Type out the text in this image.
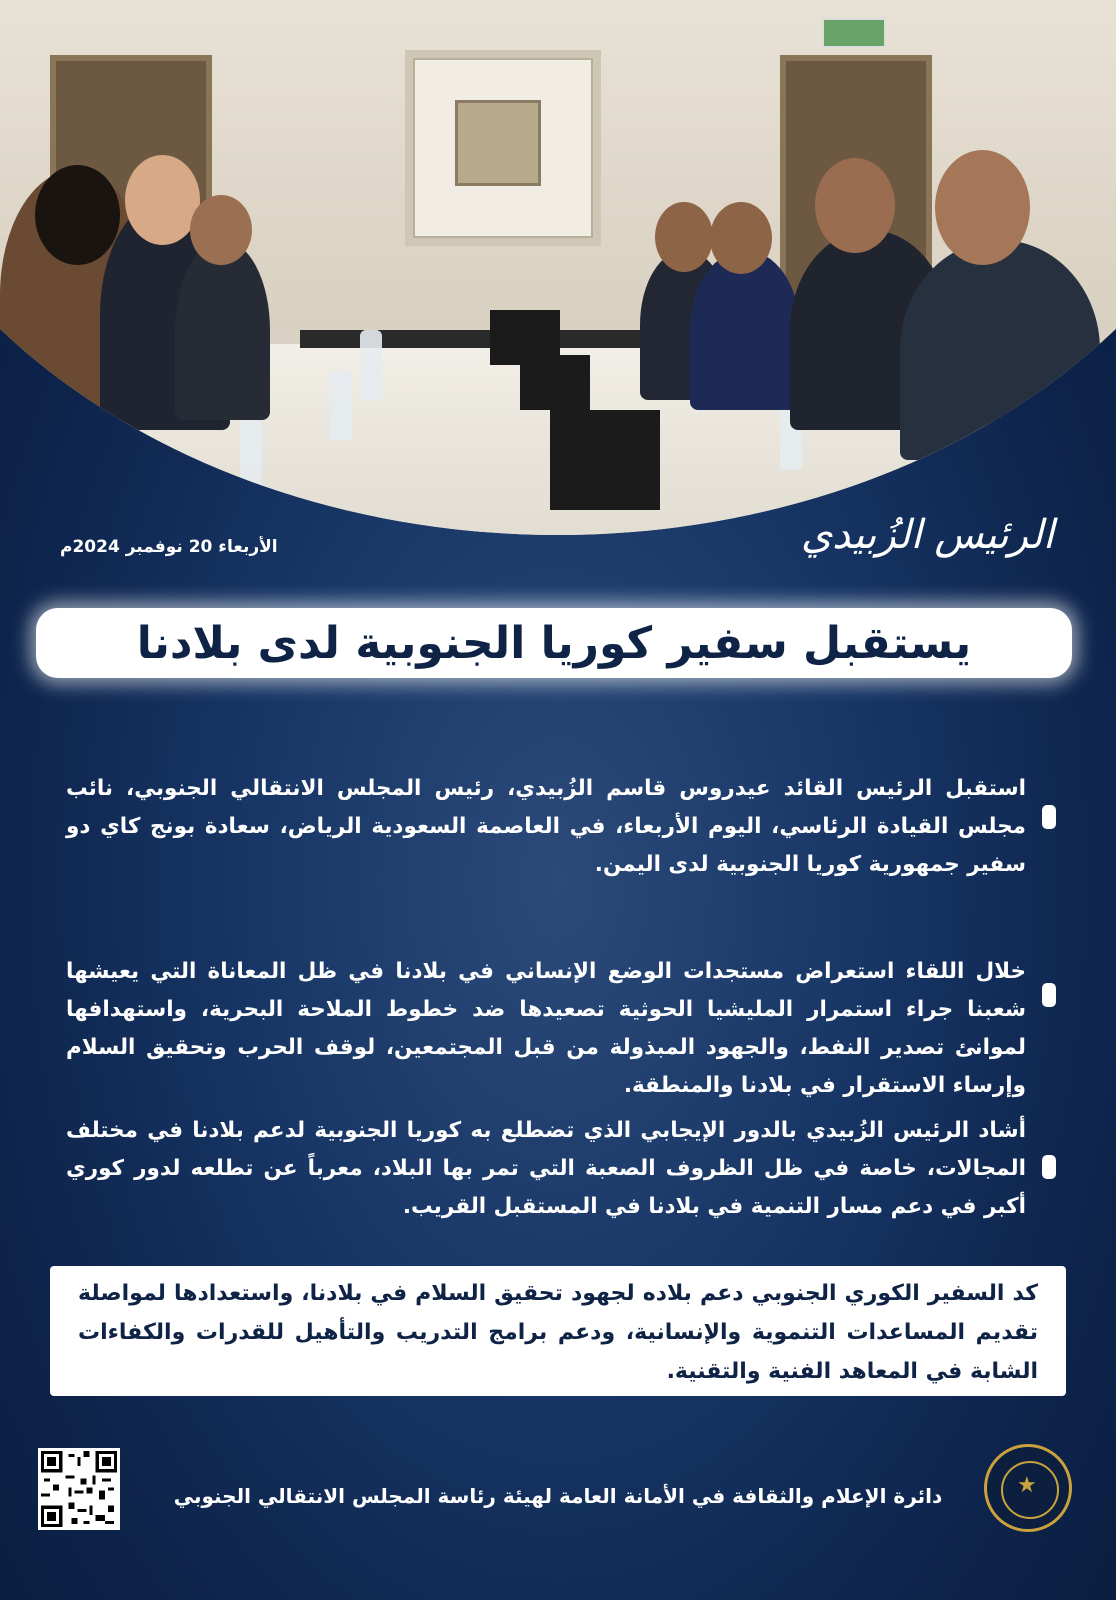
الرئيس الزُبيدي
الأربعاء 20 نوفمبر 2024م
يستقبل سفير كوريا الجنوبية لدى بلادنا
استقبل الرئيس القائد عيدروس قاسم الزُبيدي، رئيس المجلس الانتقالي الجنوبي، نائب مجلس القيادة الرئاسي، اليوم الأربعاء، في العاصمة السعودية الرياض، سعادة بونج كاي دو سفير جمهورية كوريا الجنوبية لدى اليمن.
خلال اللقاء استعراض مستجدات الوضع الإنساني في بلادنا في ظل المعاناة التي يعيشها شعبنا جراء استمرار المليشيا الحوثية تصعيدها ضد خطوط الملاحة البحرية، واستهدافها لموانئ تصدير النفط، والجهود المبذولة من قبل المجتمعين، لوقف الحرب وتحقيق السلام وإرساء الاستقرار في بلادنا والمنطقة.
أشاد الرئيس الزُبيدي بالدور الإيجابي الذي تضطلع به كوريا الجنوبية لدعم بلادنا في مختلف المجالات، خاصة في ظل الظروف الصعبة التي تمر بها البلاد، معرباً عن تطلعه لدور كوري أكبر في دعم مسار التنمية في بلادنا في المستقبل القريب.

كد السفير الكوري الجنوبي دعم بلاده لجهود تحقيق السلام في بلادنا، واستعدادها لمواصلة تقديم المساعدات التنموية والإنسانية، ودعم برامج التدريب والتأهيل للقدرات والكفاءات الشابة في المعاهد الفنية والتقنية.

دائرة الإعلام والثقافة في الأمانة العامة لهيئة رئاسة المجلس الانتقالي الجنوبي	★
